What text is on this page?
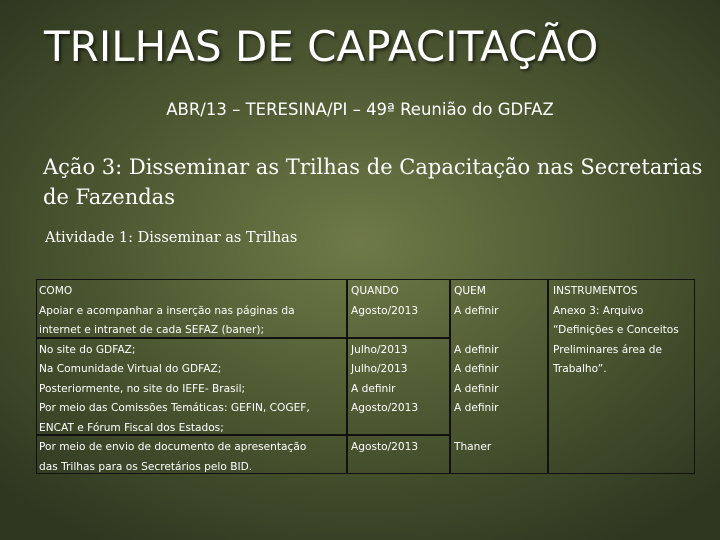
TRILHAS DE CAPACITAÇÃO
ABR/13 – TERESINA/PI – 49ª Reunião do GDFAZ
Ação 3: Disseminar as Trilhas de Capacitação nas Secretarias de Fazendas
Atividade 1: Disseminar as Trilhas
COMO
Apoiar e acompanhar a inserção nas páginas da
internet e intranet de cada SEFAZ (baner);
No site do GDFAZ;
Na Comunidade Virtual do GDFAZ;
Posteriormente, no site do IEFE- Brasil;
Por meio das Comissões Temáticas: GEFIN, COGEF,
ENCAT e Fórum Fiscal dos Estados;
Por meio de envio de documento de apresentação
das Trilhas para os Secretários pelo BID.
QUANDO
Agosto/2013

Julho/2013
Julho/2013
A definir
Agosto/2013

Agosto/2013
QUEM
A definir

A definir
A definir
A definir
A definir

Thaner
INSTRUMENTOS
Anexo 3: Arquivo
“Definições e Conceitos
Preliminares área de
Trabalho”.
